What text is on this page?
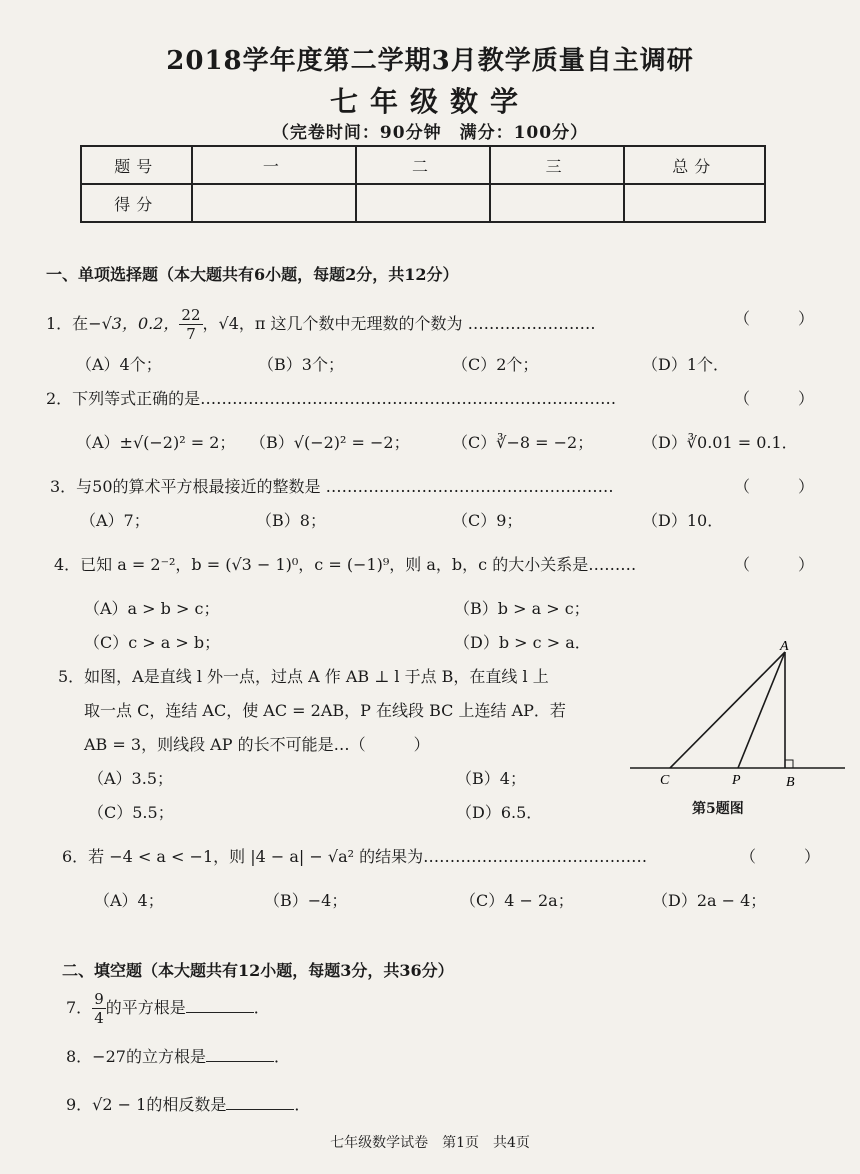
2018学年度第二学期3月教学质量自主调研
七年级数学
（完卷时间：90分钟　满分：100分）
题号	一	二	三	总分
得分				
一、单项选择题（本大题共有6小题，每题2分，共12分）
1．在−√3，0.2， $\frac{22}{7}$ ，√4，π 这几个数中无理数的个数为 ……………………	（　　　）
（A）4个；	（B）3个；	（C）2个；	（D）1个．
2．下列等式正确的是……………………………………………………………………	（　　　）
（A）±√(−2)² = 2； （B）√(−2)² = −2；	（C）∛−8 = −2；	（D）∛0.01 = 0.1．
3．与50的算术平方根最接近的整数是 ………………………………………………	（　　　）
（A）7；	（B）8；	（C）9；	（D）10．
4．已知 a = 2⁻²，b = (√3 − 1)⁰，c = (−1)⁹，则 a，b，c 的大小关系是………	（　　　）
（A）a > b > c；	（B）b > a > c；
（C）c > a > b；	（D）b > c > a．
5．如图，A是直线 l 外一点，过点 A 作 AB ⊥ l 于点 B，在直线 l 上
取一点 C，连结 AC，使 AC = 2AB，P 在线段 BC 上连结 AP．若
AB = 3，则线段 AP 的长不可能是…（　　　）
（A）3.5；	（B）4；
（C）5.5；	（D）6.5．
A
C	P	B
第5题图
6．若 −4 < a < −1，则 |4 − a| − √a² 的结果为……………………………………	（　　　）
（A）4；	（B）−4；	（C）4 − 2a；	（D）2a − 4；
二、填空题（本大题共有12小题，每题3分，共36分）
7． $\frac{9}{4}$ 的平方根是	．
8．−27的立方根是	．
9．√2 − 1的相反数是	．
七年级数学试卷　第1页　共4页
